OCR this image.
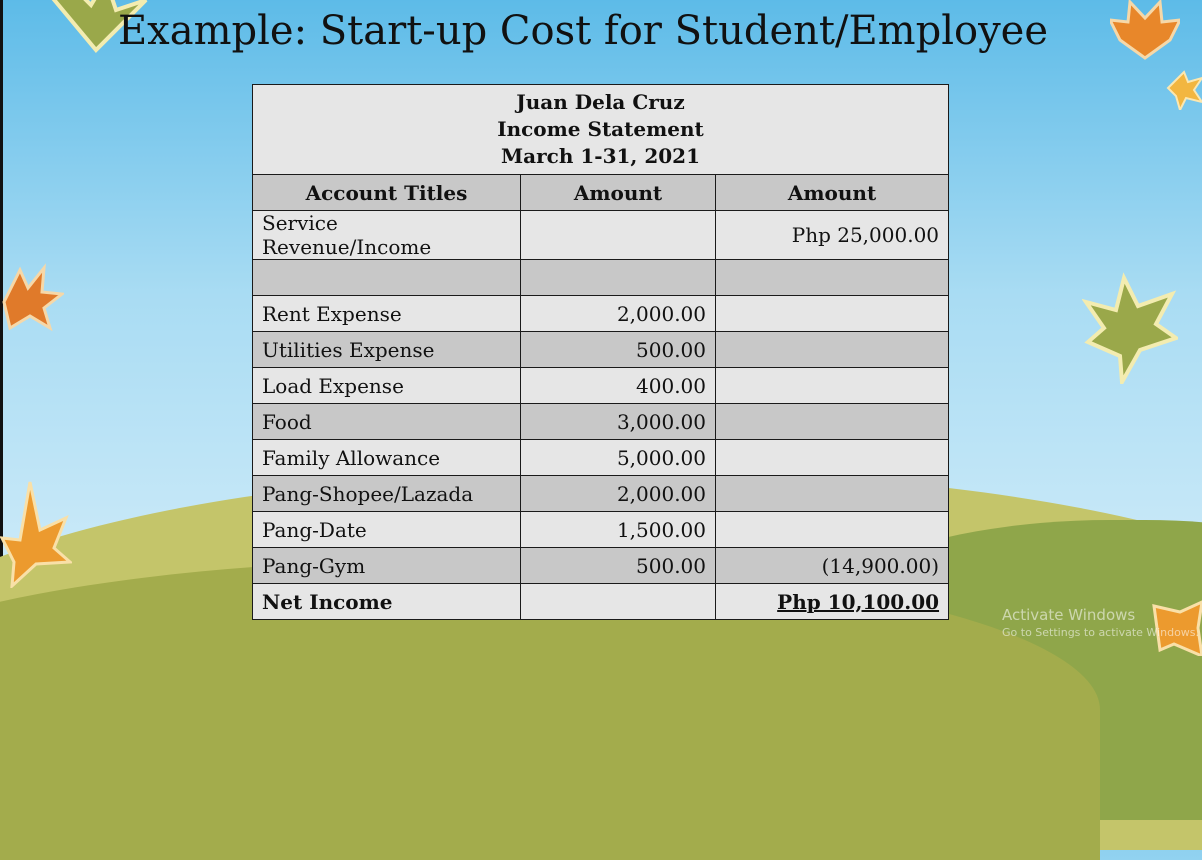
Example: Start-up Cost for Student/Employee
Juan Dela Cruz
Income Statement
March 1-31, 2021		

Account Titles	Amount	Amount
Service Revenue/Income		Php 25,000.00

Rent Expense	2,000.00	
Utilities Expense	500.00	
Load Expense	400.00	
Food	3,000.00	
Family Allowance	5,000.00	
Pang-Shopee/Lazada	2,000.00	
Pang-Date	1,500.00	
Pang-Gym	500.00	(14,900.00)
Net Income		Php 10,100.00
Activate Windows
Go to Settings to activate Windows.
